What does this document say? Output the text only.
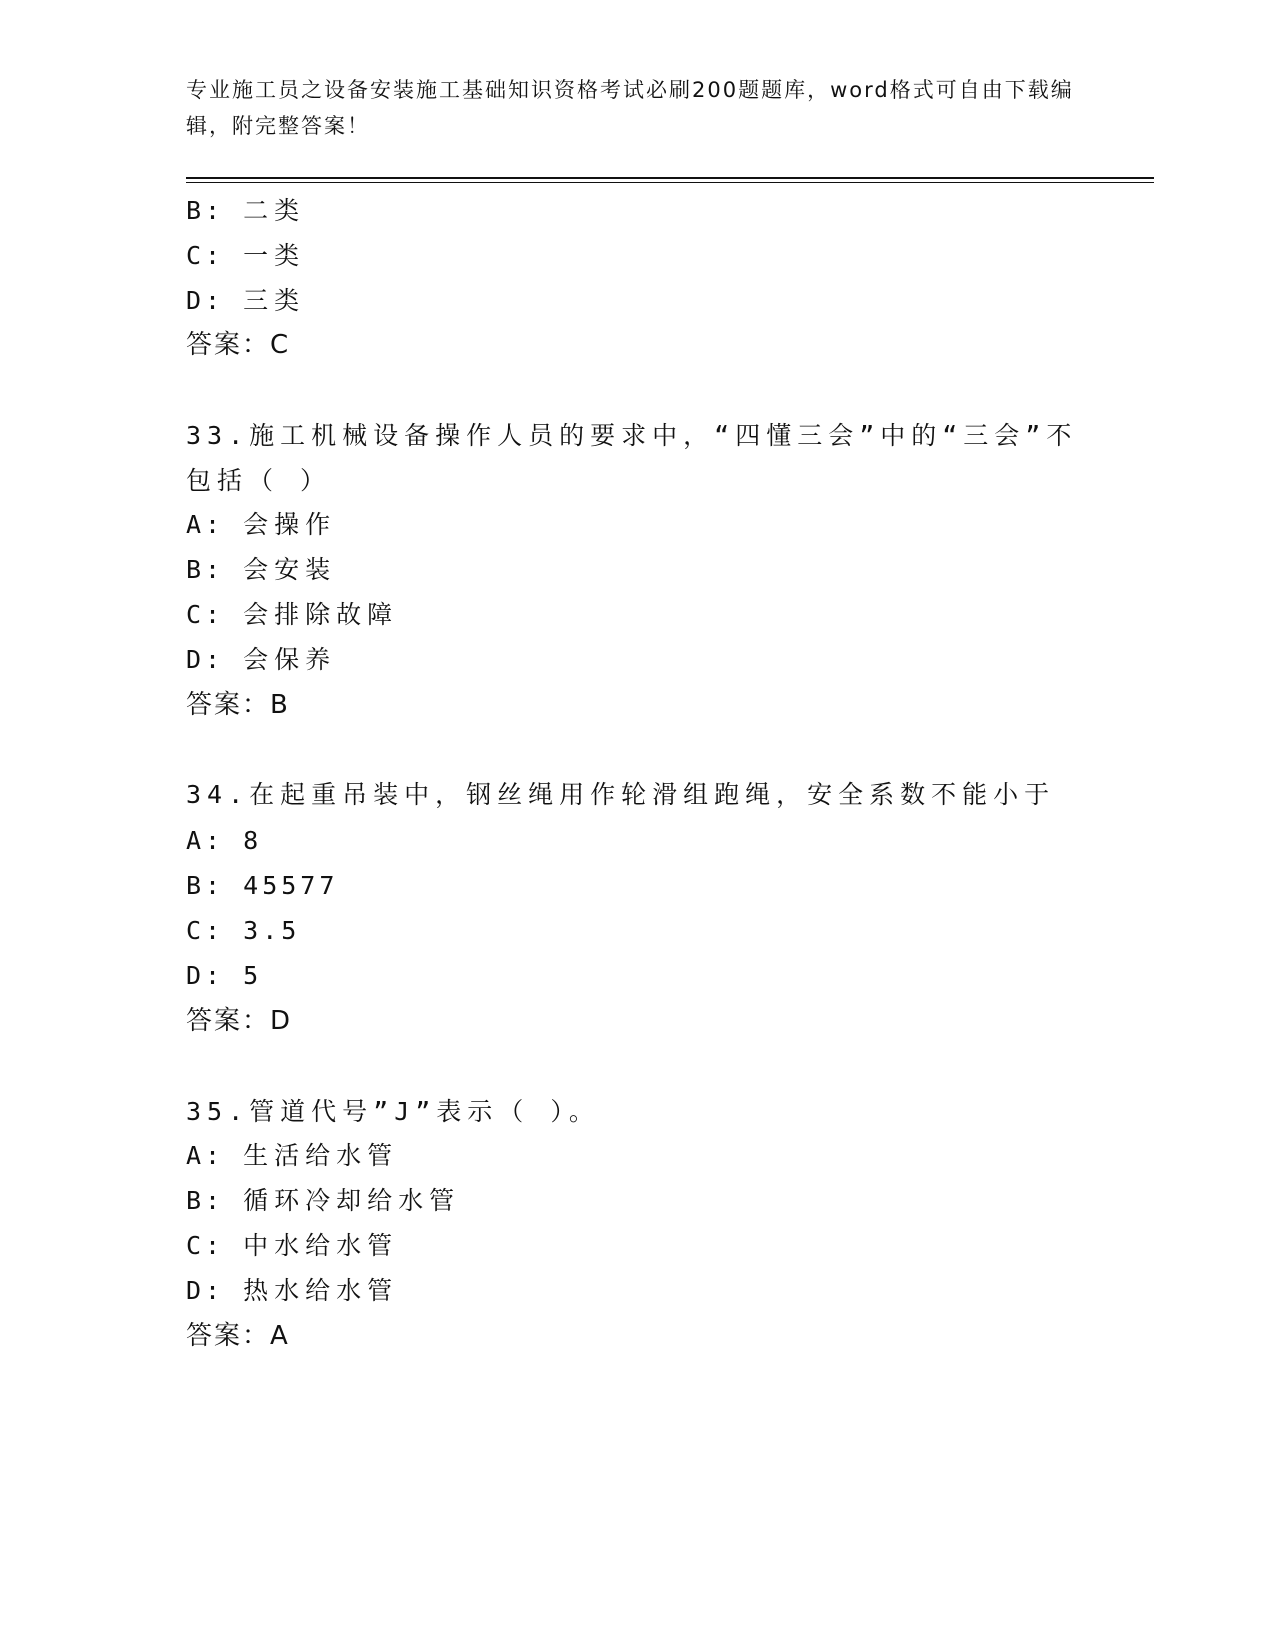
专业施工员之设备安装施工基础知识资格考试必刷200题题库，word格式可自由下载编辑，附完整答案！
B: 二类
C: 一类
D: 三类
答案：C
33.施工机械设备操作人员的要求中，“四懂三会”中的“三会”不包括（ ）
A: 会操作
B: 会安装
C: 会排除故障
D: 会保养
答案：B
34.在起重吊装中，钢丝绳用作轮滑组跑绳，安全系数不能小于
A: 8
B: 45577
C: 3.5
D: 5
答案：D
35.管道代号”J”表示（ ）。
A: 生活给水管
B: 循环冷却给水管
C: 中水给水管
D: 热水给水管
答案：A
